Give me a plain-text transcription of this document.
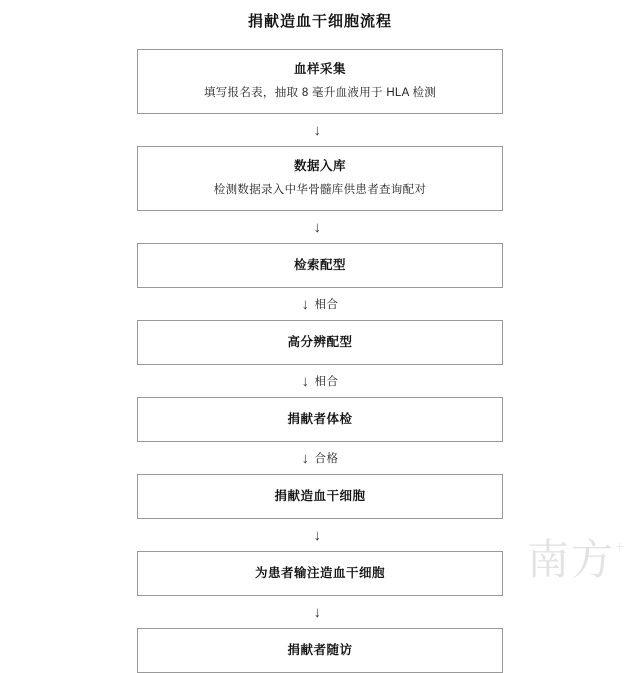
捐献造血干细胞流程
血样采集
填写报名表，抽取 8 毫升血液用于 HLA 检测
↓
数据入库
检测数据录入中华骨髓库供患者查询配对
↓
检索配型
↓ 相合
高分辨配型
↓ 相合
捐献者体检
↓ 合格
捐献造血干细胞
↓
为患者输注造血干细胞
↓
捐献者随访
南方+
